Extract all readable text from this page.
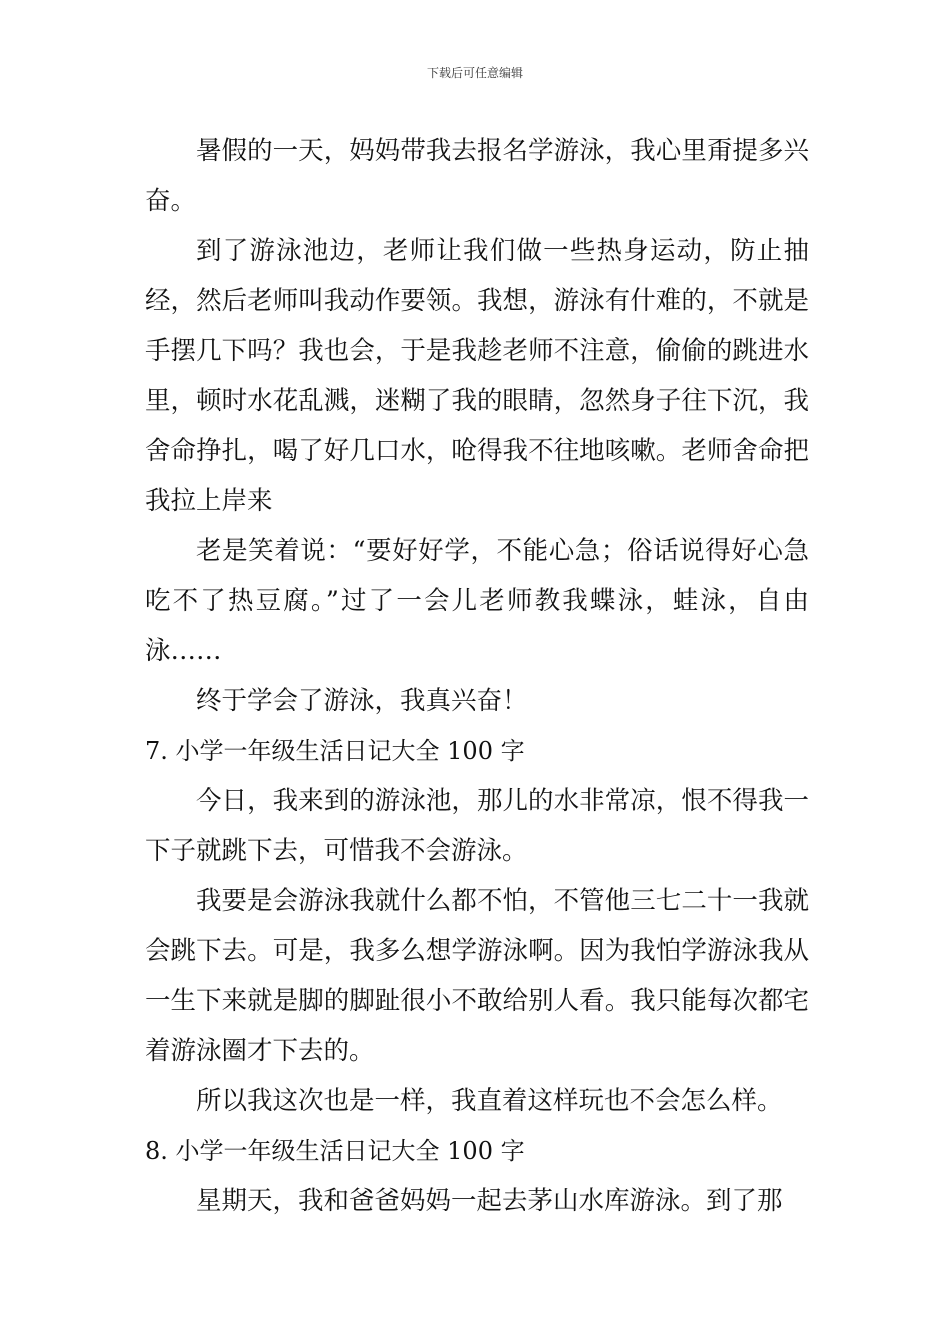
下载后可任意编辑

暑假的一天，妈妈带我去报名学游泳，我心里甭提多兴奋。

到了游泳池边，老师让我们做一些热身运动，防止抽经，然后老师叫我动作要领。我想，游泳有什难的，不就是手摆几下吗？我也会，于是我趁老师不注意，偷偷的跳进水里，顿时水花乱溅，迷糊了我的眼睛，忽然身子往下沉，我舍命挣扎，喝了好几口水，呛得我不往地咳嗽。老师舍命把我拉上岸来

老是笑着说：“要好好学，不能心急；俗话说得好心急吃不了热豆腐。”过了一会儿老师教我蝶泳，蛙泳，自由泳……

终于学会了游泳，我真兴奋！

7. 小学一年级生活日记大全 100 字

今日，我来到的游泳池，那儿的水非常凉，恨不得我一下子就跳下去，可惜我不会游泳。

我要是会游泳我就什么都不怕，不管他三七二十一我就会跳下去。可是，我多么想学游泳啊。因为我怕学游泳我从一生下来就是脚的脚趾很小不敢给别人看。我只能每次都宅着游泳圈才下去的。

所以我这次也是一样，我直着这样玩也不会怎么样。

8. 小学一年级生活日记大全 100 字

星期天，我和爸爸妈妈一起去茅山水库游泳。到了那
